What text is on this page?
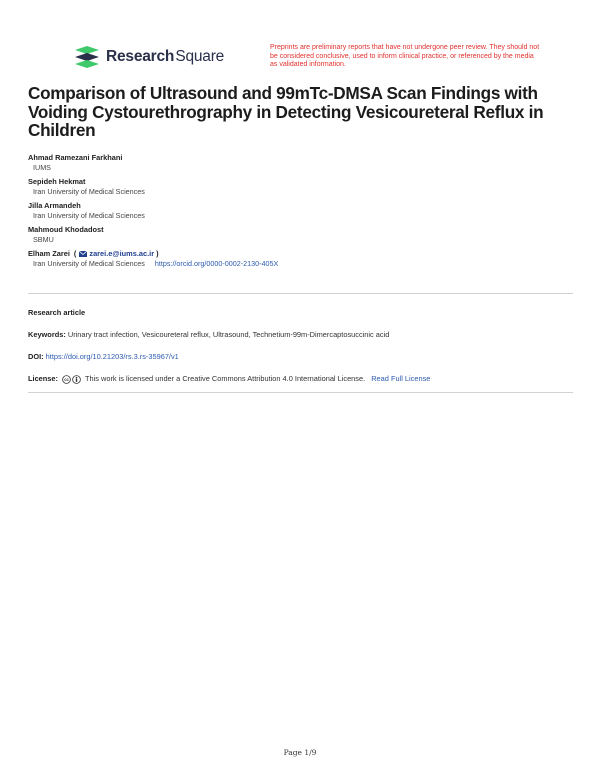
Research Square
Preprints are preliminary reports that have not undergone peer review. They should not be considered conclusive, used to inform clinical practice, or referenced by the media as validated information.
Comparison of Ultrasound and 99mTc-DMSA Scan Findings with Voiding Cystourethrography in Detecting Vesicoureteral Reflux in Children
Ahmad Ramezani Farkhani
IUMS
Sepideh Hekmat
Iran University of Medical Sciences
Jilla Armandeh
Iran University of Medical Sciences
Mahmoud Khodadost
SBMU
Elham Zarei ( zarei.e@iums.ac.ir )
Iran University of Medical Sciences https://orcid.org/0000-0002-2130-405X
Research article
Keywords: Urinary tract infection, Vesicoureteral reflux, Ultrasound, Technetium-99m-Dimercaptosuccinic acid
DOI: https://doi.org/10.21203/rs.3.rs-35967/v1
License: cc This work is licensed under a Creative Commons Attribution 4.0 International License. Read Full License
Page 1/9
